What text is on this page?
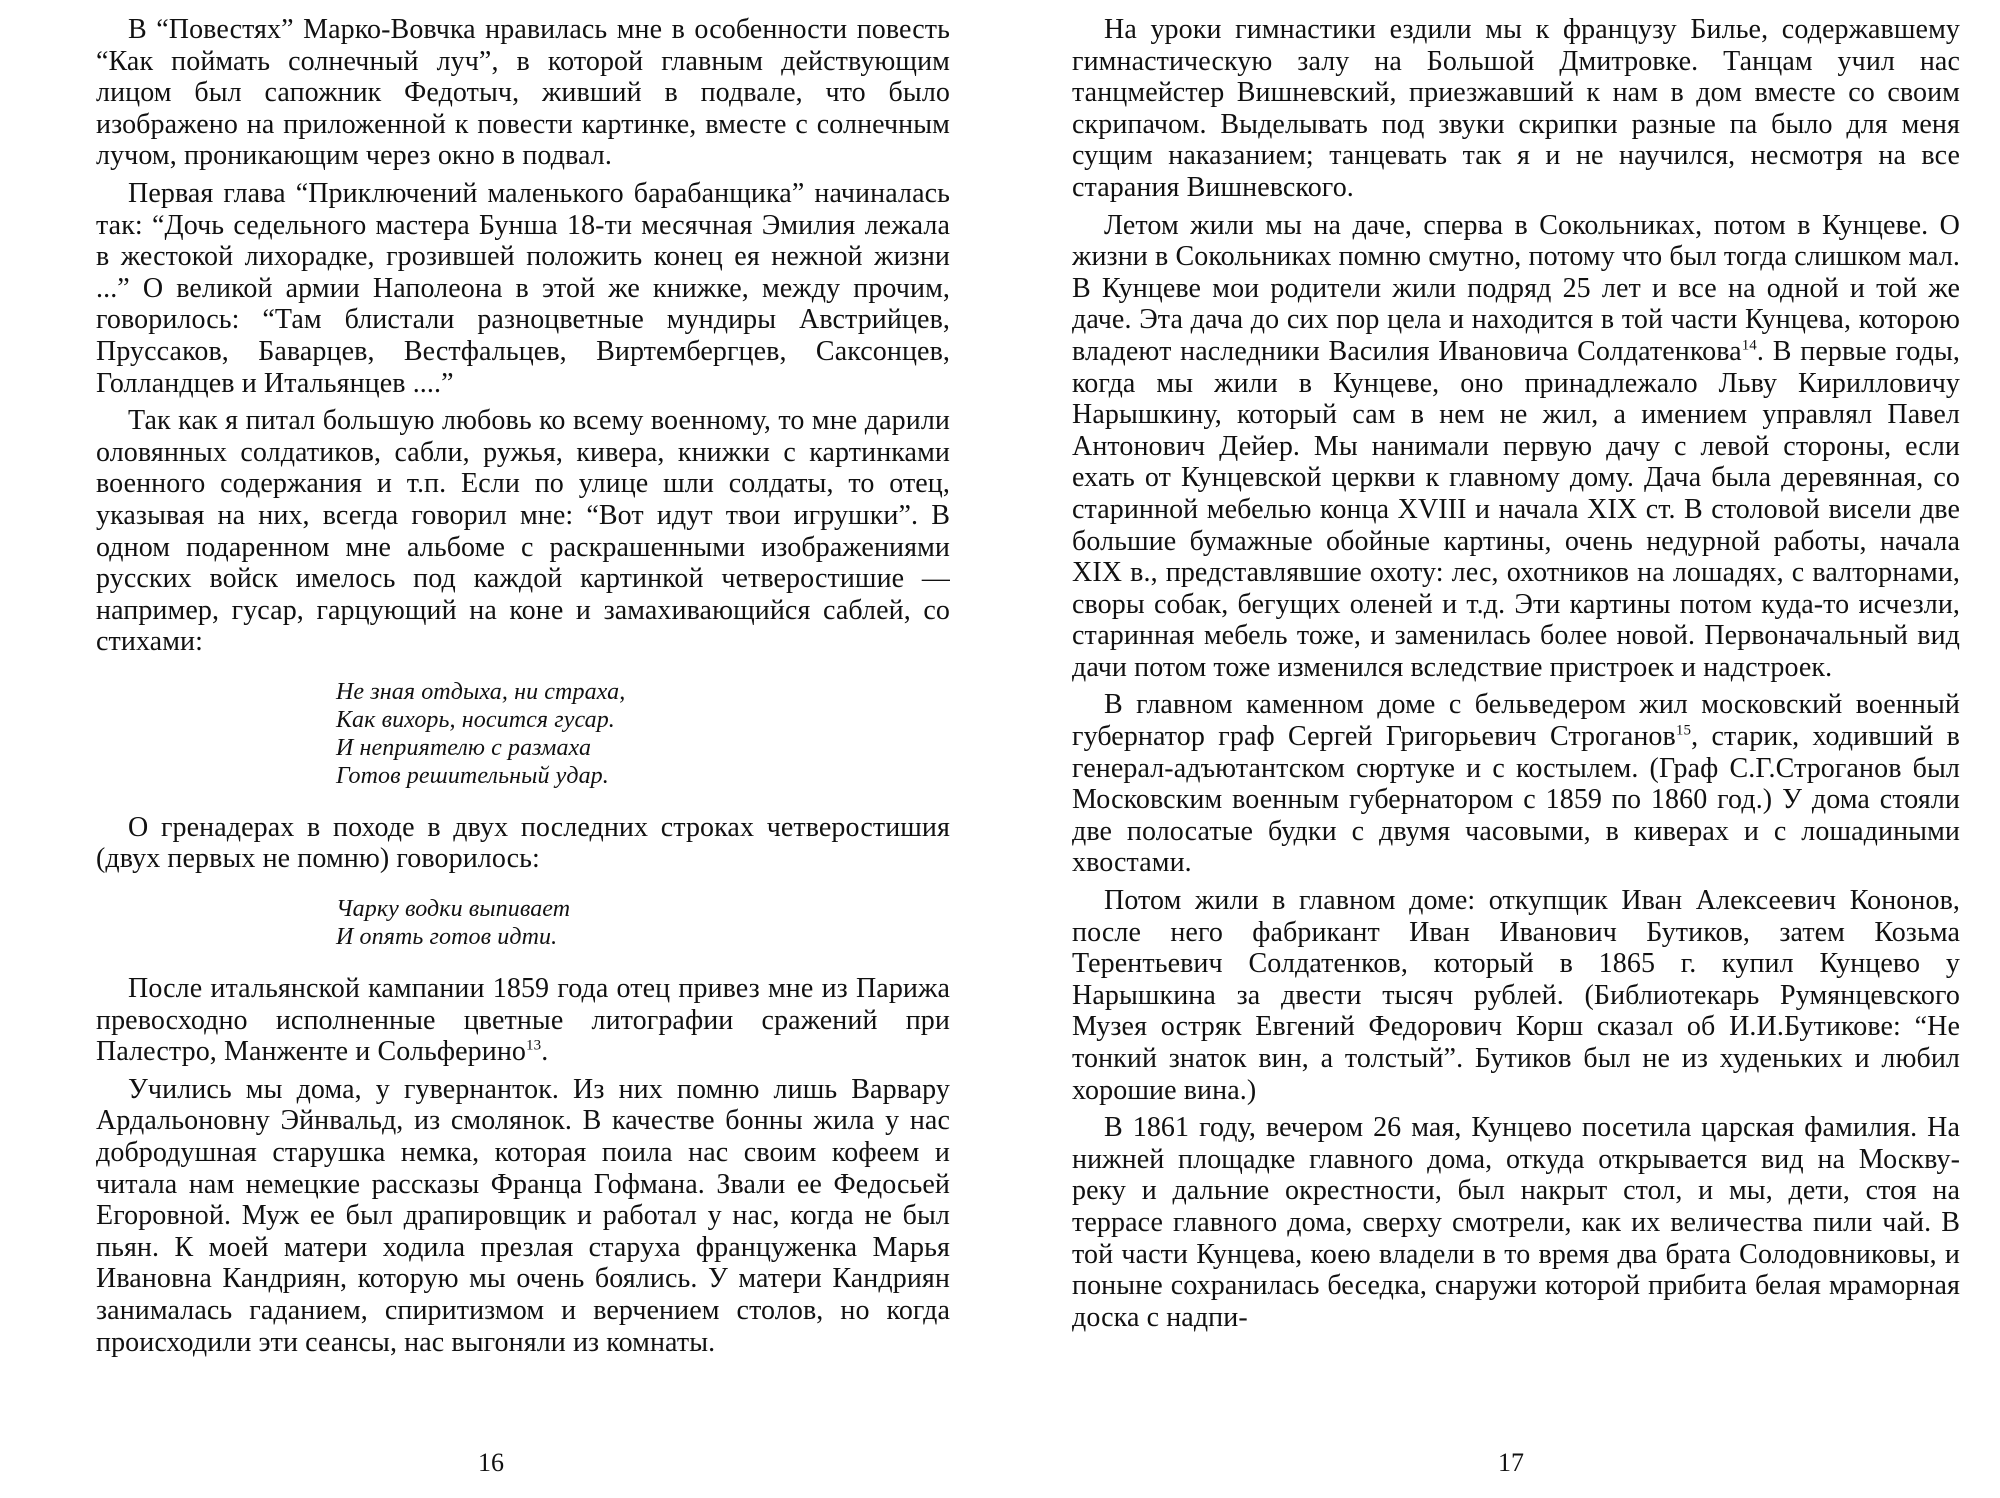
В “Повестях” Марко-Вовчка нравилась мне в особенности повесть “Как поймать солнечный луч”, в которой главным действующим лицом был сапожник Федотыч, живший в подвале, что было изображено на приложенной к повести картинке, вместе с солнечным лучом, проникающим через окно в подвал.

Первая глава “Приключений маленького барабанщика” начиналась так: “Дочь седельного мастера Бунша 18-ти месячная Эмилия лежала в жестокой лихорадке, грозившей положить конец ея нежной жизни ...” О великой армии Наполеона в этой же книжке, между прочим, говорилось: “Там блистали разноцветные мундиры Австрийцев, Пруссаков, Баварцев, Вестфальцев, Виртембергцев, Саксонцев, Голландцев и Итальянцев ....”

Так как я питал большую любовь ко всему военному, то мне дарили оловянных солдатиков, сабли, ружья, кивера, книжки с картинками военного содержания и т.п. Если по улице шли солдаты, то отец, указывая на них, всегда говорил мне: “Вот идут твои игрушки”. В одном подаренном мне альбоме с раскрашенными изображениями русских войск имелось под каждой картинкой четверостишие — например, гусар, гарцующий на коне и замахивающийся саблей, со стихами:

Не зная отдыха, ни страха,
Как вихорь, носится гусар.
И неприятелю с размаха
Готов решительный удар.

О гренадерах в походе в двух последних строках четверостишия (двух первых не помню) говорилось:

Чарку водки выпивает
И опять готов идти.

После итальянской кампании 1859 года отец привез мне из Парижа превосходно исполненные цветные литографии сражений при Палестро, Манженте и Сольферино$^{13}$.

Учились мы дома, у гувернанток. Из них помню лишь Варвару Ардальоновну Эйнвальд, из смолянок. В качестве бонны жила у нас добродушная старушка немка, которая поила нас своим кофеем и читала нам немецкие рассказы Франца Гофмана. Звали ее Федосьей Егоровной. Муж ее был драпировщик и работал у нас, когда не был пьян. К моей матери ходила презлая старуха француженка Марья Ивановна Кандриян, которую мы очень боялись. У матери Кандриян занималась гаданием, спиритизмом и верчением столов, но когда происходили эти сеансы, нас выгоняли из комнаты.

16

На уроки гимнастики ездили мы к французу Билье, содержавшему гимнастическую залу на Большой Дмитровке. Танцам учил нас танцмейстер Вишневский, приезжавший к нам в дом вместе со своим скрипачом. Выделывать под звуки скрипки разные па было для меня сущим наказанием; танцевать так я и не научился, несмотря на все старания Вишневского.

Летом жили мы на даче, сперва в Сокольниках, потом в Кунцеве. О жизни в Сокольниках помню смутно, потому что был тогда слишком мал. В Кунцеве мои родители жили подряд 25 лет и все на одной и той же даче. Эта дача до сих пор цела и находится в той части Кунцева, которою владеют наследники Василия Ивановича Солдатенкова$^{14}$. В первые годы, когда мы жили в Кунцеве, оно принадлежало Льву Кирилловичу Нарышкину, который сам в нем не жил, а имением управлял Павел Антонович Дейер. Мы нанимали первую дачу с левой стороны, если ехать от Кунцевской церкви к главному дому. Дача была деревянная, со старинной мебелью конца XVIII и начала XIX ст. В столовой висели две большие бумажные обойные картины, очень недурной работы, начала XIX в., представлявшие охоту: лес, охотников на лошадях, с валторнами, своры собак, бегущих оленей и т.д. Эти картины потом куда-то исчезли, старинная мебель тоже, и заменилась более новой. Первоначальный вид дачи потом тоже изменился вследствие пристроек и надстроек.

В главном каменном доме с бельведером жил московский военный губернатор граф Сергей Григорьевич Строганов$^{15}$, старик, ходивший в генерал-адъютантском сюртуке и с костылем. (Граф С.Г.Строганов был Московским военным губернатором с 1859 по 1860 год.) У дома стояли две полосатые будки с двумя часовыми, в киверах и с лошадиными хвостами.

Потом жили в главном доме: откупщик Иван Алексеевич Кононов, после него фабрикант Иван Иванович Бутиков, затем Козьма Терентьевич Солдатенков, который в 1865 г. купил Кунцево у Нарышкина за двести тысяч рублей. (Библиотекарь Румянцевского Музея остряк Евгений Федорович Корш сказал об И.И.Бутикове: “Не тонкий знаток вин, а толстый”. Бутиков был не из худеньких и любил хорошие вина.)

В 1861 году, вечером 26 мая, Кунцево посетила царская фамилия. На нижней площадке главного дома, откуда открывается вид на Москву-реку и дальние окрестности, был накрыт стол, и мы, дети, стоя на террасе главного дома, сверху смотрели, как их величества пили чай. В той части Кунцева, коею владели в то время два брата Солодовниковы, и поныне сохранилась беседка, снаружи которой прибита белая мраморная доска с надпи-

17
